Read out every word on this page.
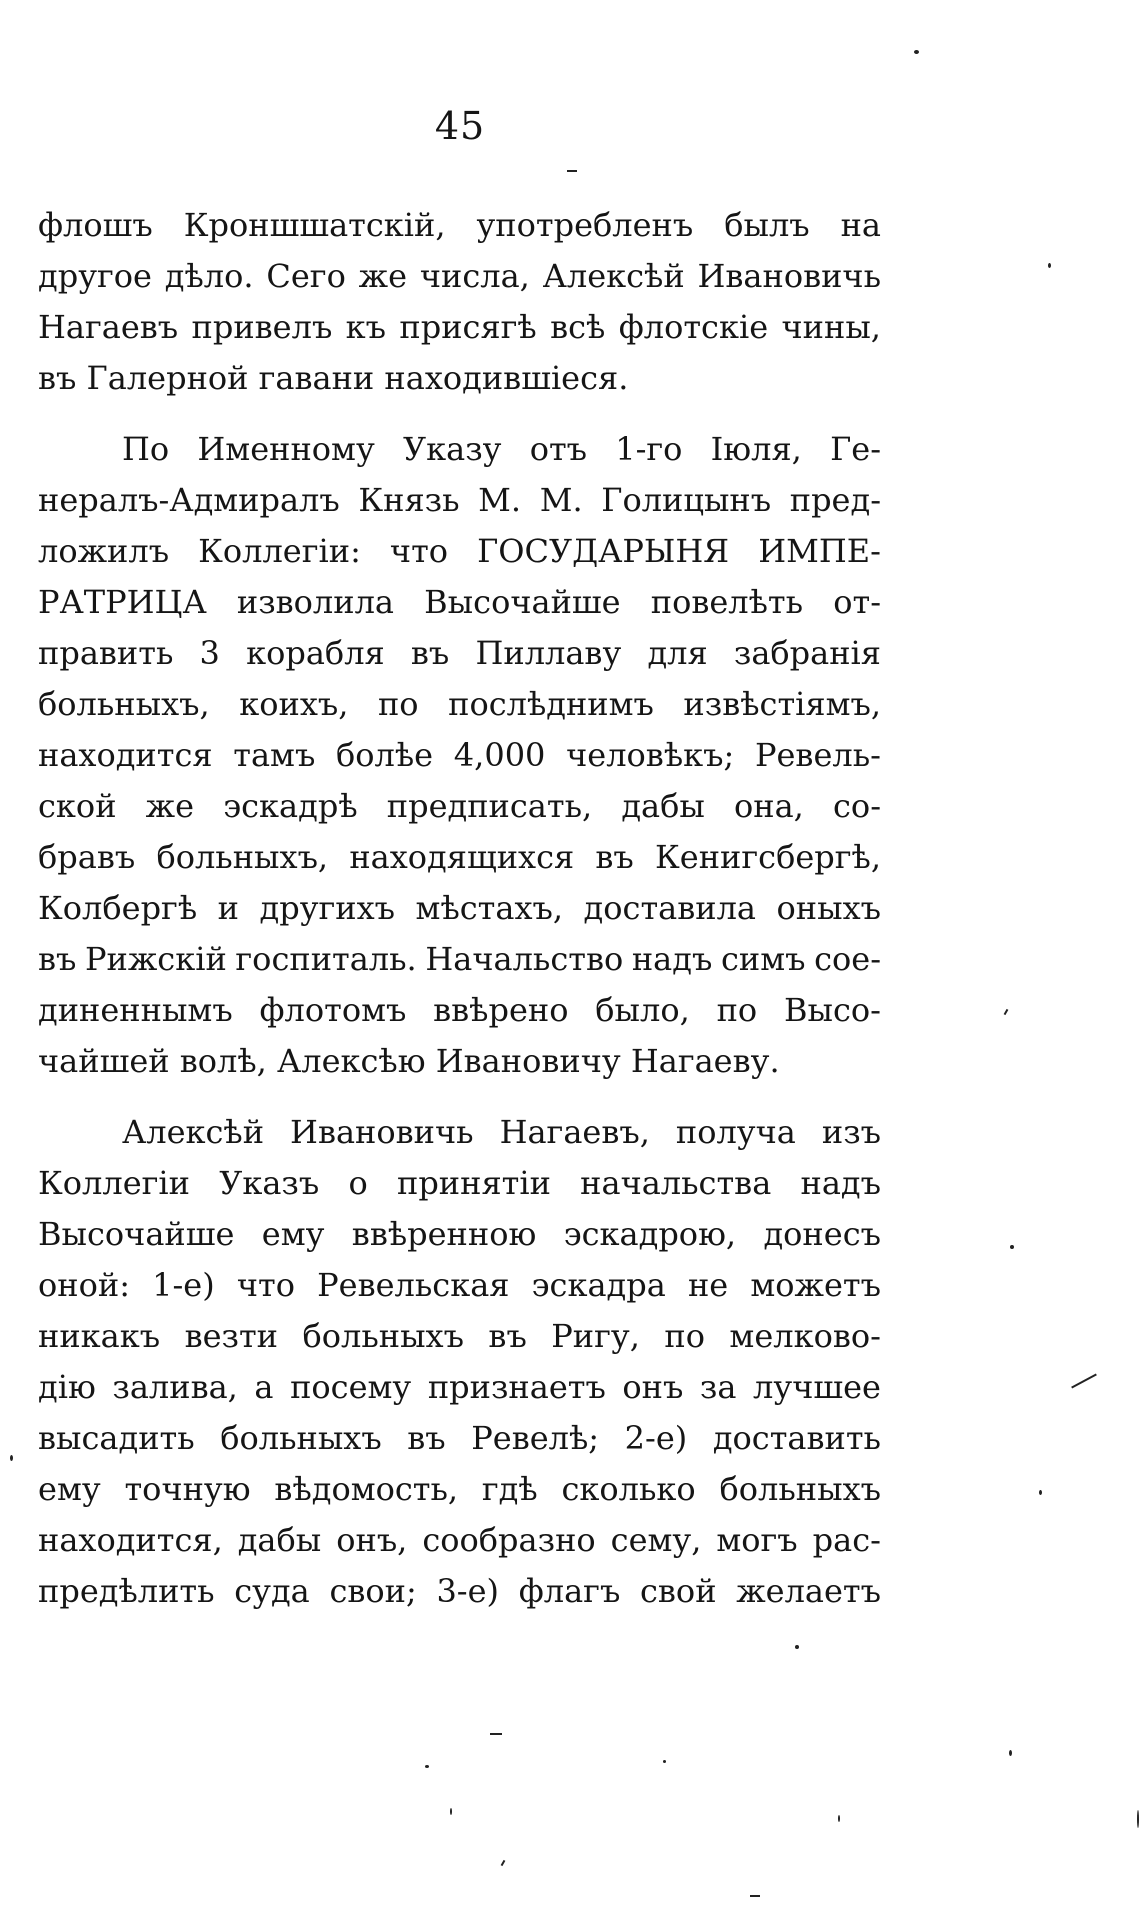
45
флошъ Кроншшатскій, употребленъ былъ на
другое дѣло. Сего же числа, Алексѣй Ивановичь
Нагаевъ привелъ къ присягѣ всѣ флотскіе чины,
въ Галерной гавани находившіеся.
По Именному Указу отъ 1-го Іюля, Ге-
нералъ-Адмиралъ Князь М. М. Голицынъ пред-
ложилъ Коллегіи: что ГОСУДАРЫНЯ ИМПЕ-
РАТРИЦА изволила Высочайше повелѣть от-
править 3 корабля въ Пиллаву для забранія
больныхъ, коихъ, по послѣднимъ извѣстіямъ,
находится тамъ болѣе 4,000 человѣкъ; Ревель-
ской же эскадрѣ предписать, дабы она, со-
бравъ больныхъ, находящихся въ Кенигсбергѣ,
Колбергѣ и другихъ мѣстахъ, доставила оныхъ
въ Рижскій госпиталь. Начальство надъ симъ сое-
диненнымъ флотомъ ввѣрено было, по Высо-
чайшей волѣ, Алексѣю Ивановичу Нагаеву.
Алексѣй Ивановичь Нагаевъ, получа изъ
Коллегіи Указъ о принятіи начальства надъ
Высочайше ему ввѣренною эскадрою, донесъ
оной: 1-е) что Ревельская эскадра не можетъ
никакъ везти больныхъ въ Ригу, по мелково-
дію залива, а посему признаетъ онъ за лучшее
высадить больныхъ въ Ревелѣ; 2-е) доставить
ему точную вѣдомость, гдѣ сколько больныхъ
находится, дабы онъ, сообразно сему, могъ рас-
предѣлить суда свои; 3-е) флагъ свой желаетъ
